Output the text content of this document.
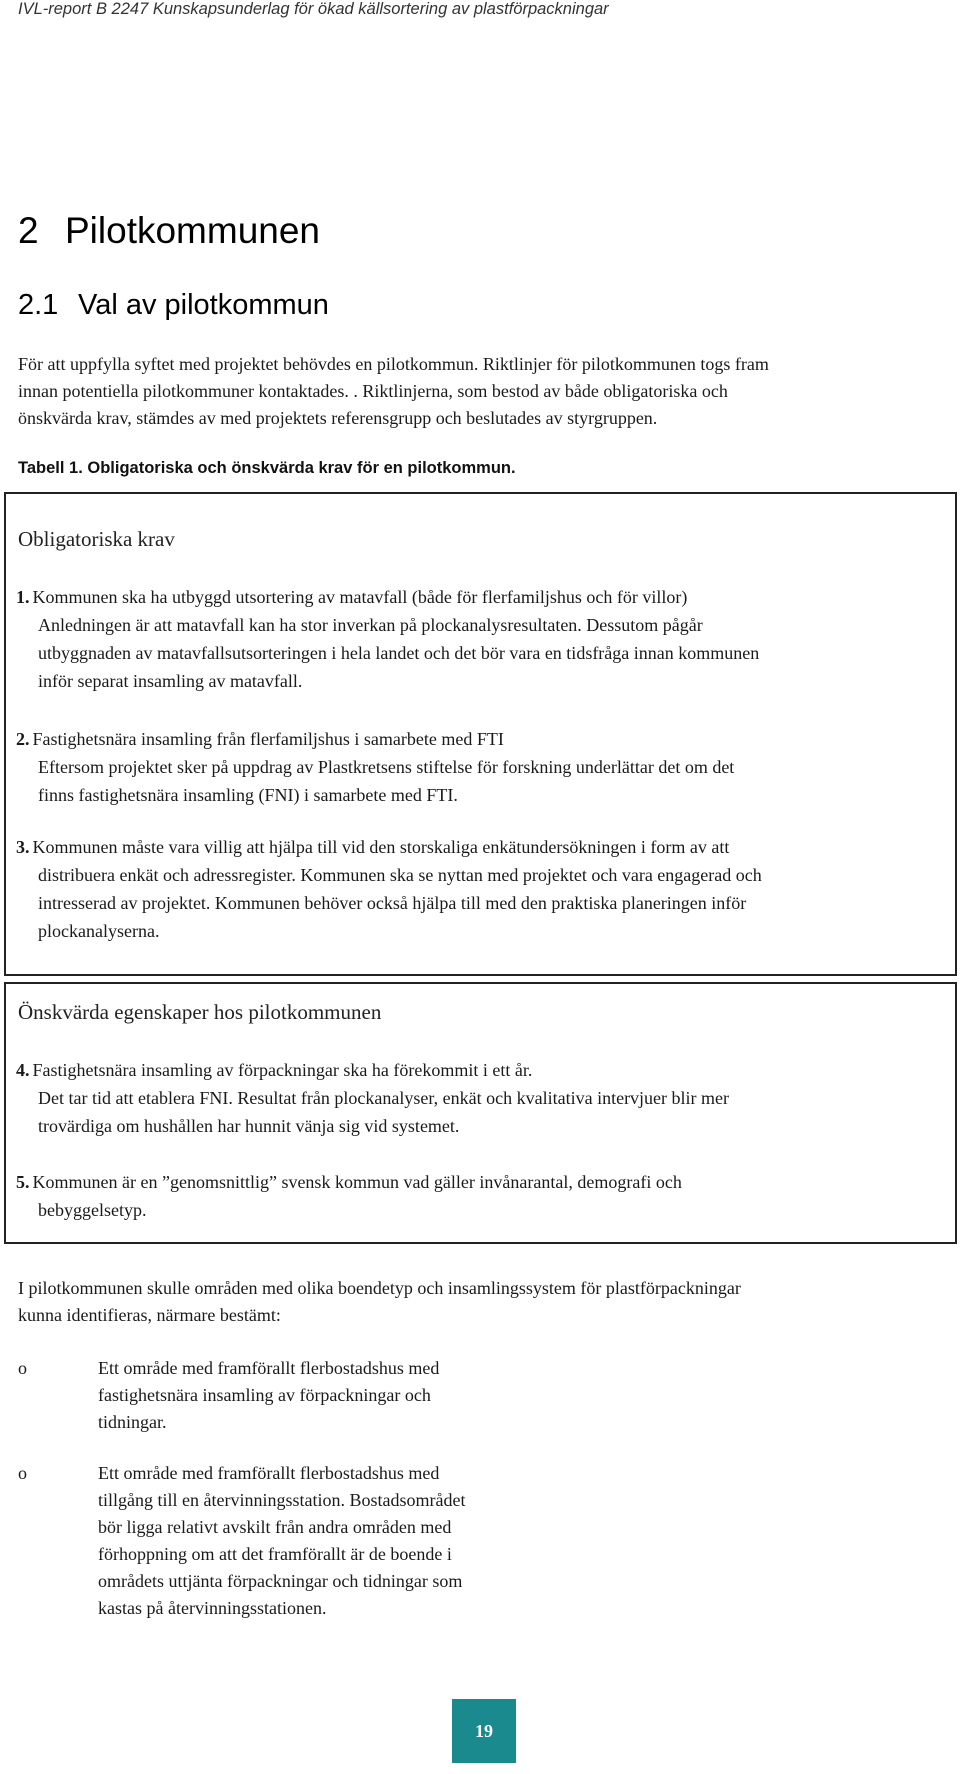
IVL-report B 2247 Kunskapsunderlag för ökad källsortering av plastförpackningar
2 Pilotkommunen
2.1 Val av pilotkommun
För att uppfylla syftet med projektet behövdes en pilotkommun. Riktlinjer för pilotkommunen togs fram
innan potentiella pilotkommuner kontaktades. . Riktlinjerna, som bestod av både obligatoriska och
önskvärda krav, stämdes av med projektets referensgrupp och beslutades av styrgruppen.
Tabell 1. Obligatoriska och önskvärda krav för en pilotkommun.
Obligatoriska krav
1. Kommunen ska ha utbyggd utsortering av matavfall (både för flerfamiljshus och för villor)
Anledningen är att matavfall kan ha stor inverkan på plockanalysresultaten. Dessutom pågår
utbyggnaden av matavfallsutsorteringen i hela landet och det bör vara en tidsfråga innan kommunen
inför separat insamling av matavfall.
2. Fastighetsnära insamling från flerfamiljshus i samarbete med FTI
Eftersom projektet sker på uppdrag av Plastkretsens stiftelse för forskning underlättar det om det
finns fastighetsnära insamling (FNI) i samarbete med FTI.
3. Kommunen måste vara villig att hjälpa till vid den storskaliga enkätundersökningen i form av att
distribuera enkät och adressregister. Kommunen ska se nyttan med projektet och vara engagerad och
intresserad av projektet. Kommunen behöver också hjälpa till med den praktiska planeringen inför
plockanalyserna.
Önskvärda egenskaper hos pilotkommunen
4. Fastighetsnära insamling av förpackningar ska ha förekommit i ett år.
Det tar tid att etablera FNI. Resultat från plockanalyser, enkät och kvalitativa intervjuer blir mer
trovärdiga om hushållen har hunnit vänja sig vid systemet.
5. Kommunen är en ”genomsnittlig” svensk kommun vad gäller invånarantal, demografi och
bebyggelsetyp.
I pilotkommunen skulle områden med olika boendetyp och insamlingssystem för plastförpackningar
kunna identifieras, närmare bestämt:
o	Ett område med framförallt flerbostadshus med
fastighetsnära insamling av förpackningar och
tidningar.
o	Ett område med framförallt flerbostadshus med
tillgång till en återvinningsstation. Bostadsområdet
bör ligga relativt avskilt från andra områden med
förhoppning om att det framförallt är de boende i
områdets uttjänta förpackningar och tidningar som
kastas på återvinningsstationen.
19
